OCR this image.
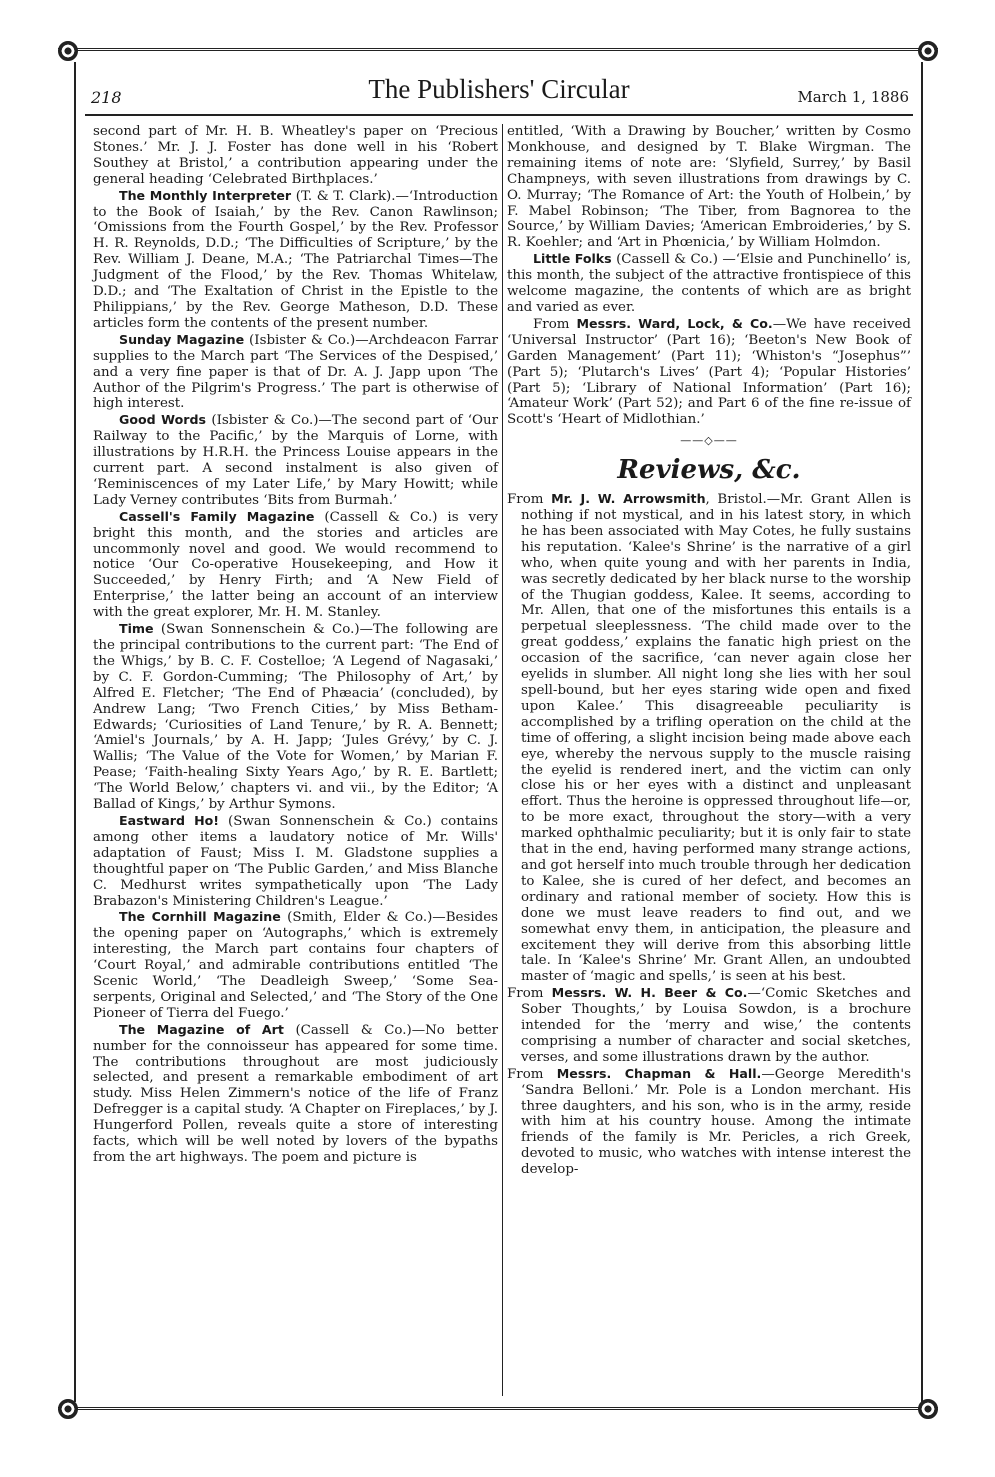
218	The Publishers' Circular	March 1, 1886

second part of Mr. H. B. Wheatley's paper on ‘Precious Stones.’ Mr. J. J. Foster has done well in his ‘Robert Southey at Bristol,’ a contribution appearing under the general heading ‘Celebrated Birthplaces.’

The Monthly Interpreter (T. & T. Clark).—‘Introduction to the Book of Isaiah,’ by the Rev. Canon Rawlinson; ‘Omissions from the Fourth Gospel,’ by the Rev. Professor H. R. Reynolds, D.D.; ‘The Difficulties of Scripture,’ by the Rev. William J. Deane, M.A.; ‘The Patriarchal Times—The Judgment of the Flood,’ by the Rev. Thomas Whitelaw, D.D.; and ‘The Exaltation of Christ in the Epistle to the Philippians,’ by the Rev. George Matheson, D.D. These articles form the contents of the present number.

Sunday Magazine (Isbister & Co.)—Archdeacon Farrar supplies to the March part ‘The Services of the Despised,’ and a very fine paper is that of Dr. A. J. Japp upon ‘The Author of the Pilgrim's Progress.’ The part is otherwise of high interest.

Good Words (Isbister & Co.)—The second part of ‘Our Railway to the Pacific,’ by the Marquis of Lorne, with illustrations by H.R.H. the Princess Louise appears in the current part. A second instalment is also given of ‘Reminiscences of my Later Life,’ by Mary Howitt; while Lady Verney contributes ‘Bits from Burmah.’

Cassell's Family Magazine (Cassell & Co.) is very bright this month, and the stories and articles are uncommonly novel and good. We would recommend to notice ‘Our Co-operative Housekeeping, and How it Succeeded,’ by Henry Firth; and ‘A New Field of Enterprise,’ the latter being an account of an interview with the great explorer, Mr. H. M. Stanley.

Time (Swan Sonnenschein & Co.)—The following are the principal contributions to the current part: ‘The End of the Whigs,’ by B. C. F. Costelloe; ‘A Legend of Nagasaki,’ by C. F. Gordon-Cumming; ‘The Philosophy of Art,’ by Alfred E. Fletcher; ‘The End of Phæacia’ (concluded), by Andrew Lang; ‘Two French Cities,’ by Miss Betham-Edwards; ‘Curiosities of Land Tenure,’ by R. A. Bennett; ‘Amiel's Journals,’ by A. H. Japp; ‘Jules Grévy,’ by C. J. Wallis; ‘The Value of the Vote for Women,’ by Marian F. Pease; ‘Faith-healing Sixty Years Ago,’ by R. E. Bartlett; ‘The World Below,’ chapters vi. and vii., by the Editor; ‘A Ballad of Kings,’ by Arthur Symons.

Eastward Ho! (Swan Sonnenschein & Co.) contains among other items a laudatory notice of Mr. Wills' adaptation of Faust; Miss I. M. Gladstone supplies a thoughtful paper on ‘The Public Garden,’ and Miss Blanche C. Medhurst writes sympathetically upon ‘The Lady Brabazon's Ministering Children's League.’

The Cornhill Magazine (Smith, Elder & Co.)—Besides the opening paper on ‘Autographs,’ which is extremely interesting, the March part contains four chapters of ‘Court Royal,’ and admirable contributions entitled ‘The Scenic World,’ ‘The Deadleigh Sweep,’ ‘Some Sea-serpents, Original and Selected,’ and ‘The Story of the One Pioneer of Tierra del Fuego.’

The Magazine of Art (Cassell & Co.)—No better number for the connoisseur has appeared for some time. The contributions throughout are most judiciously selected, and present a remarkable embodiment of art study. Miss Helen Zimmern's notice of the life of Franz Defregger is a capital study. ‘A Chapter on Fireplaces,’ by J. Hungerford Pollen, reveals quite a store of interesting facts, which will be well noted by lovers of the bypaths from the art highways. The poem and picture is

entitled, ‘With a Drawing by Boucher,’ written by Cosmo Monkhouse, and designed by T. Blake Wirgman. The remaining items of note are: ‘Slyfield, Surrey,’ by Basil Champneys, with seven illustrations from drawings by C. O. Murray; ‘The Romance of Art: the Youth of Holbein,’ by F. Mabel Robinson; ‘The Tiber, from Bagnorea to the Source,’ by William Davies; ‘American Embroideries,’ by S. R. Koehler; and ‘Art in Phœnicia,’ by William Holmdon.

Little Folks (Cassell & Co.) —‘Elsie and Punchinello’ is, this month, the subject of the attractive frontispiece of this welcome magazine, the contents of which are as bright and varied as ever.

From Messrs. Ward, Lock, & Co.—We have received ‘Universal Instructor’ (Part 16); ‘Beeton's New Book of Garden Management’ (Part 11); ‘Whiston's “Josephus”’ (Part 5); ‘Plutarch's Lives’ (Part 4); ‘Popular Histories’ (Part 5); ‘Library of National Information’ (Part 16); ‘Amateur Work’ (Part 52); and Part 6 of the fine re-issue of Scott's ‘Heart of Midlothian.’

——◇——
Reviews, &c.

From Mr. J. W. Arrowsmith, Bristol.—Mr. Grant Allen is nothing if not mystical, and in his latest story, in which he has been associated with May Cotes, he fully sustains his reputation. ‘Kalee's Shrine’ is the narrative of a girl who, when quite young and with her parents in India, was secretly dedicated by her black nurse to the worship of the Thugian goddess, Kalee. It seems, according to Mr. Allen, that one of the misfortunes this entails is a perpetual sleeplessness. ‘The child made over to the great goddess,’ explains the fanatic high priest on the occasion of the sacrifice, ‘can never again close her eyelids in slumber. All night long she lies with her soul spell-bound, but her eyes staring wide open and fixed upon Kalee.’ This disagreeable peculiarity is accomplished by a trifling operation on the child at the time of offering, a slight incision being made above each eye, whereby the nervous supply to the muscle raising the eyelid is rendered inert, and the victim can only close his or her eyes with a distinct and unpleasant effort. Thus the heroine is oppressed throughout life—or, to be more exact, throughout the story—with a very marked ophthalmic peculiarity; but it is only fair to state that in the end, having performed many strange actions, and got herself into much trouble through her dedication to Kalee, she is cured of her defect, and becomes an ordinary and rational member of society. How this is done we must leave readers to find out, and we somewhat envy them, in anticipation, the pleasure and excitement they will derive from this absorbing little tale. In ‘Kalee's Shrine’ Mr. Grant Allen, an undoubted master of ‘magic and spells,’ is seen at his best.

From Messrs. W. H. Beer & Co.—‘Comic Sketches and Sober Thoughts,’ by Louisa Sowdon, is a brochure intended for the ‘merry and wise,’ the contents comprising a number of character and social sketches, verses, and some illustrations drawn by the author.

From Messrs. Chapman & Hall.—George Meredith's ‘Sandra Belloni.’ Mr. Pole is a London merchant. His three daughters, and his son, who is in the army, reside with him at his country house. Among the intimate friends of the family is Mr. Pericles, a rich Greek, devoted to music, who watches with intense interest the develop-
